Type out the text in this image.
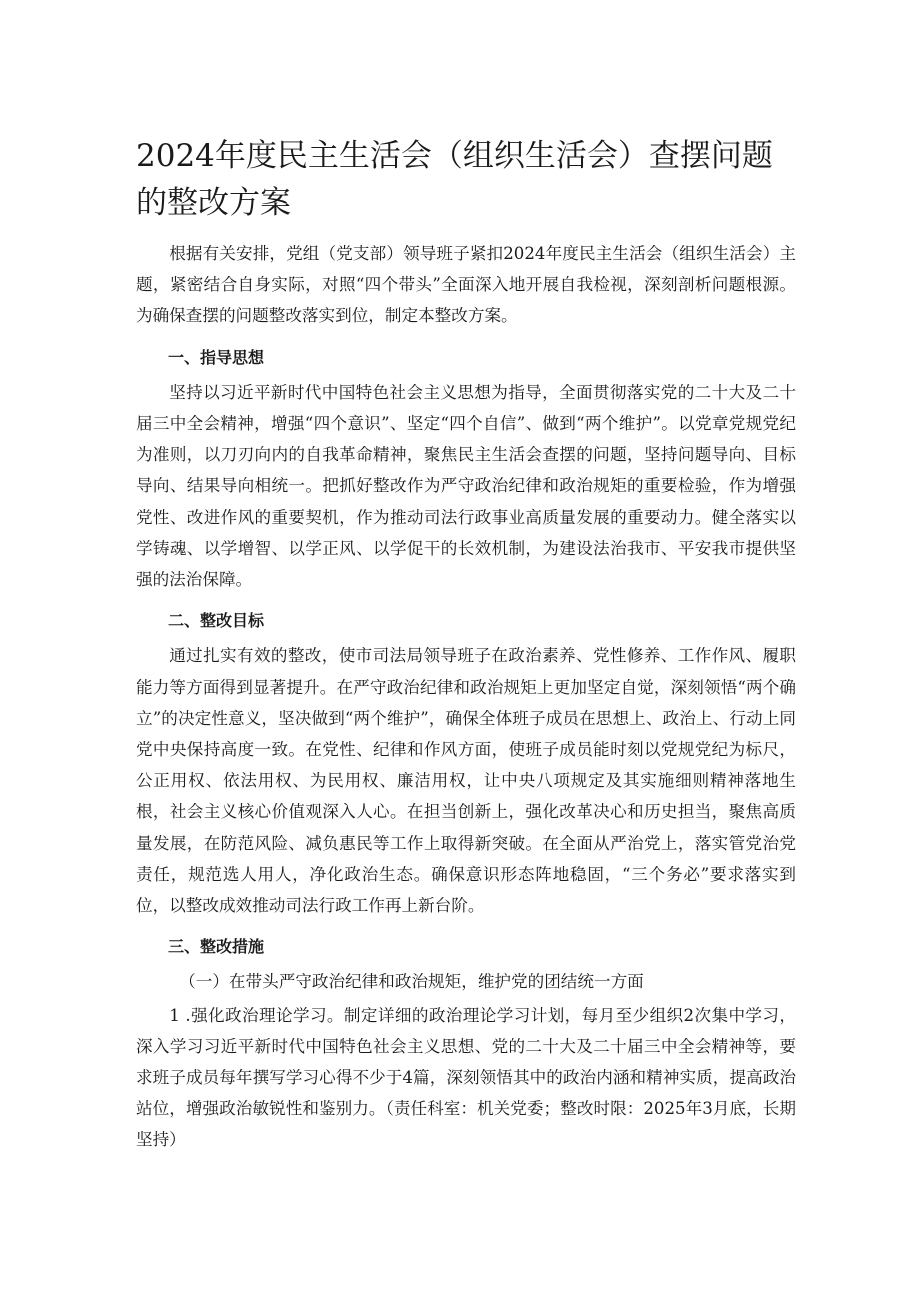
2024年度民主生活会（组织生活会）查摆问题的整改方案

根据有关安排，党组（党支部）领导班子紧扣2024年度民主生活会（组织生活会）主题，紧密结合自身实际，对照“四个带头”全面深入地开展自我检视，深刻剖析问题根源。为确保查摆的问题整改落实到位，制定本整改方案。

一、指导思想

坚持以习近平新时代中国特色社会主义思想为指导，全面贯彻落实党的二十大及二十届三中全会精神，增强“四个意识”、坚定“四个自信”、做到“两个维护”。以党章党规党纪为准则，以刀刃向内的自我革命精神，聚焦民主生活会查摆的问题，坚持问题导向、目标导向、结果导向相统一。把抓好整改作为严守政治纪律和政治规矩的重要检验，作为增强党性、改进作风的重要契机，作为推动司法行政事业高质量发展的重要动力。健全落实以学铸魂、以学增智、以学正风、以学促干的长效机制，为建设法治我市、平安我市提供坚强的法治保障。

二、整改目标

通过扎实有效的整改，使市司法局领导班子在政治素养、党性修养、工作作风、履职能力等方面得到显著提升。在严守政治纪律和政治规矩上更加坚定自觉，深刻领悟“两个确立”的决定性意义，坚决做到“两个维护”，确保全体班子成员在思想上、政治上、行动上同党中央保持高度一致。在党性、纪律和作风方面，使班子成员能时刻以党规党纪为标尺，公正用权、依法用权、为民用权、廉洁用权，让中央八项规定及其实施细则精神落地生根，社会主义核心价值观深入人心。在担当创新上，强化改革决心和历史担当，聚焦高质量发展，在防范风险、减负惠民等工作上取得新突破。在全面从严治党上，落实管党治党责任，规范选人用人，净化政治生态。确保意识形态阵地稳固，“三个务必”要求落实到位，以整改成效推动司法行政工作再上新台阶。

三、整改措施

（一）在带头严守政治纪律和政治规矩，维护党的团结统一方面

1 .强化政治理论学习。制定详细的政治理论学习计划，每月至少组织2次集中学习，深入学习习近平新时代中国特色社会主义思想、党的二十大及二十届三中全会精神等，要求班子成员每年撰写学习心得不少于4篇，深刻领悟其中的政治内涵和精神实质，提高政治站位，增强政治敏锐性和鉴别力。（责任科室：机关党委；整改时限：2025年3月底，长期坚持）
